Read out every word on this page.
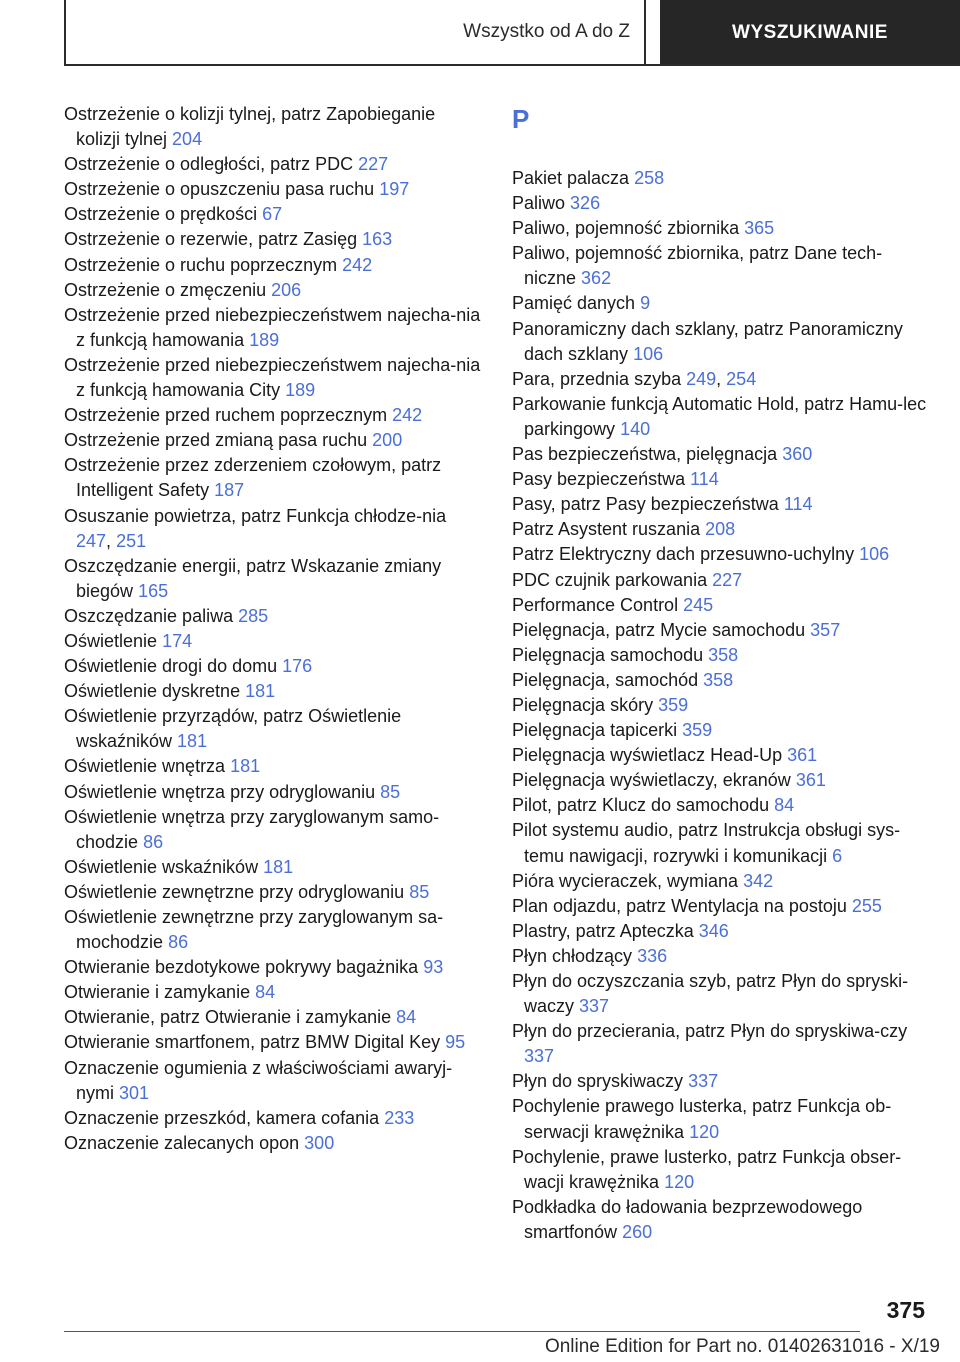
Wszystko od A do Z	WYSZUKIWANIE

Ostrzeżenie o kolizji tylnej, patrz Zapobieganie kolizji tylnej 204

Ostrzeżenie o odległości, patrz PDC 227

Ostrzeżenie o opuszczeniu pasa ruchu 197

Ostrzeżenie o prędkości 67

Ostrzeżenie o rezerwie, patrz Zasięg 163

Ostrzeżenie o ruchu poprzecznym 242

Ostrzeżenie o zmęczeniu 206

Ostrzeżenie przed niebezpieczeństwem najecha‐nia z funkcją hamowania 189

Ostrzeżenie przed niebezpieczeństwem najecha‐nia z funkcją hamowania City 189

Ostrzeżenie przed ruchem poprzecznym 242

Ostrzeżenie przed zmianą pasa ruchu 200

Ostrzeżenie przez zderzeniem czołowym, patrz Intelligent Safety 187

Osuszanie powietrza, patrz Funkcja chłodze‐nia 247, 251

Oszczędzanie energii, patrz Wskazanie zmiany biegów 165

Oszczędzanie paliwa 285

Oświetlenie 174

Oświetlenie drogi do domu 176

Oświetlenie dyskretne 181

Oświetlenie przyrządów, patrz Oświetlenie wskaźników 181

Oświetlenie wnętrza 181

Oświetlenie wnętrza przy odryglowaniu 85

Oświetlenie wnętrza przy zaryglowanym samo‐chodzie 86

Oświetlenie wskaźników 181

Oświetlenie zewnętrzne przy odryglowaniu 85

Oświetlenie zewnętrzne przy zaryglowanym sa‐mochodzie 86

Otwieranie bezdotykowe pokrywy bagażnika 93

Otwieranie i zamykanie 84

Otwieranie, patrz Otwieranie i zamykanie 84

Otwieranie smartfonem, patrz BMW Digital Key 95

Oznaczenie ogumienia z właściwościami awaryj‐nymi 301

Oznaczenie przeszkód, kamera cofania 233

Oznaczenie zalecanych opon 300

P

Pakiet palacza 258

Paliwo 326

Paliwo, pojemność zbiornika 365

Paliwo, pojemność zbiornika, patrz Dane tech‐niczne 362

Pamięć danych 9

Panoramiczny dach szklany, patrz Panoramiczny dach szklany 106

Para, przednia szyba 249, 254

Parkowanie funkcją Automatic Hold, patrz Hamu‐lec parkingowy 140

Pas bezpieczeństwa, pielęgnacja 360

Pasy bezpieczeństwa 114

Pasy, patrz Pasy bezpieczeństwa 114

Patrz Asystent ruszania 208

Patrz Elektryczny dach przesuwno-uchylny 106

PDC czujnik parkowania 227

Performance Control 245

Pielęgnacja, patrz Mycie samochodu 357

Pielęgnacja samochodu 358

Pielęgnacja, samochód 358

Pielęgnacja skóry 359

Pielęgnacja tapicerki 359

Pielęgnacja wyświetlacz Head-Up 361

Pielęgnacja wyświetlaczy, ekranów 361

Pilot, patrz Klucz do samochodu 84

Pilot systemu audio, patrz Instrukcja obsługi sys‐temu nawigacji, rozrywki i komunikacji 6

Pióra wycieraczek, wymiana 342

Plan odjazdu, patrz Wentylacja na postoju 255

Plastry, patrz Apteczka 346

Płyn chłodzący 336

Płyn do oczyszczania szyb, patrz Płyn do spryski‐waczy 337

Płyn do przecierania, patrz Płyn do spryskiwa‐czy 337

Płyn do spryskiwaczy 337

Pochylenie prawego lusterka, patrz Funkcja ob‐serwacji krawężnika 120

Pochylenie, prawe lusterko, patrz Funkcja obser‐wacji krawężnika 120

Podkładka do ładowania bezprzewodowego smartfonów 260

375
Online Edition for Part no. 01402631016 - X/19
